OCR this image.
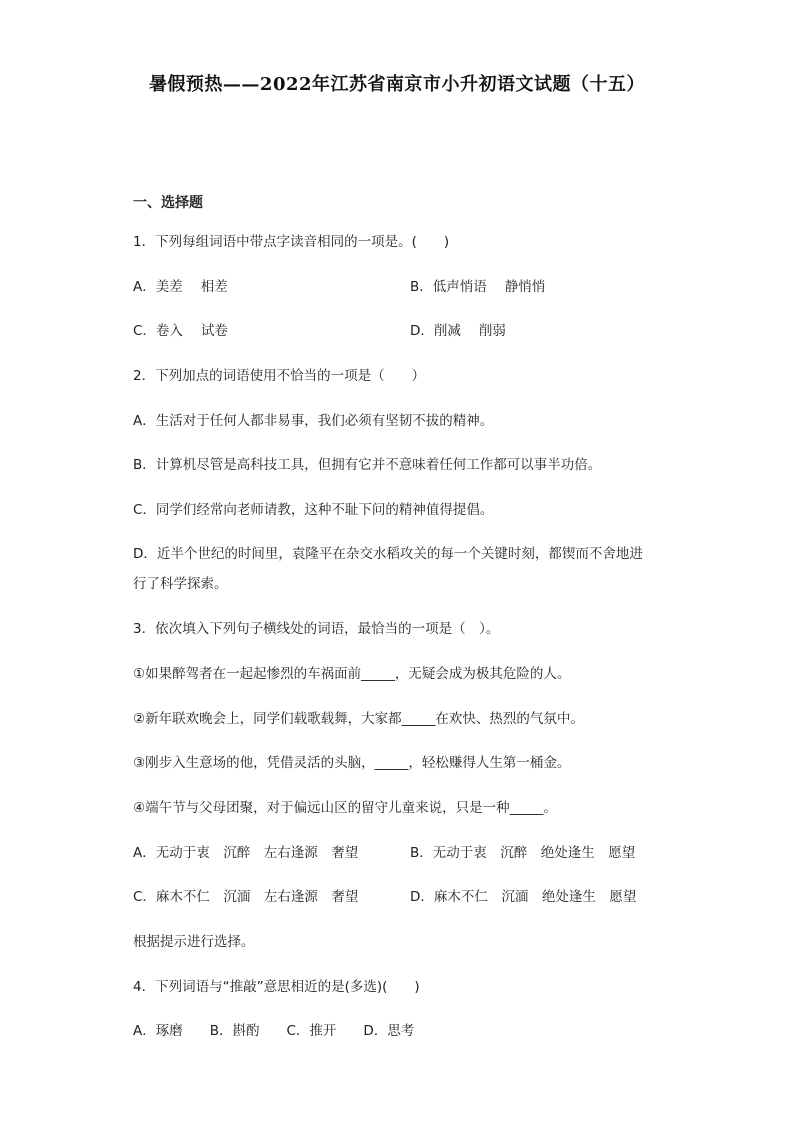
暑假预热——2022年江苏省南京市小升初语文试题（十五）
一、选择题
1．下列每组词语中带点字读音相同的一项是。(　　)
A．美差 相差	B．低声悄语 静悄悄
C．卷入 试卷	D．削减 削弱
2．下列加点的词语使用不恰当的一项是（　　）
A．生活对于任何人都非易事，我们必须有坚韧不拔的精神。
B．计算机尽管是高科技工具，但拥有它并不意味着任何工作都可以事半功倍。
C．同学们经常向老师请教，这种不耻下问的精神值得提倡。
D．近半个世纪的时间里，袁隆平在杂交水稻攻关的每一个关键时刻，都锲而不舍地进
行了科学探索。
3．依次填入下列句子横线处的词语，最恰当的一项是（　）。
①如果醉驾者在一起起惨烈的车祸面前_____，无疑会成为极其危险的人。
②新年联欢晚会上，同学们载歌载舞，大家都_____在欢快、热烈的气氛中。
③刚步入生意场的他，凭借灵活的头脑，_____，轻松赚得人生第一桶金。
④端午节与父母团聚，对于偏远山区的留守儿童来说，只是一种_____。
A．无动于衷　沉醉　左右逢源　奢望	B．无动于衷　沉醉　绝处逢生　愿望
C．麻木不仁　沉湎　左右逢源　奢望	D．麻木不仁　沉湎　绝处逢生　愿望
根据提示进行选择。
4．下列词语与“推敲”意思相近的是(多选)(　　)
A．琢磨　　B．斟酌　　C．推开　　D．思考
